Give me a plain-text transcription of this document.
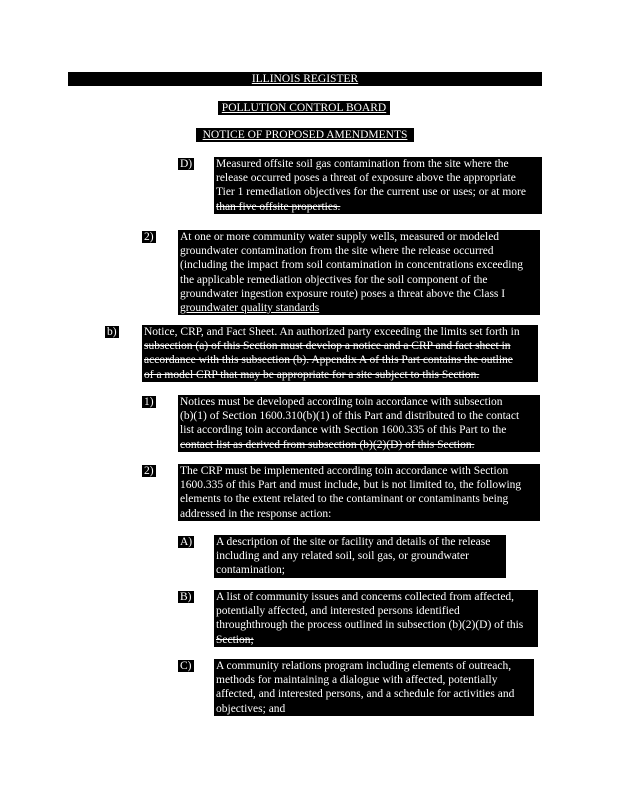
ILLINOIS REGISTER
POLLUTION CONTROL BOARD
NOTICE OF PROPOSED AMENDMENTS
D) Measured offsite soil gas contamination from the site where the
release occurred poses a threat of exposure above the appropriate
Tier 1 remediation objectives for the current use or uses; or at more
than five offsite properties.
2) At one or more community water supply wells, measured or modeled
groundwater contamination from the site where the release occurred
(including the impact from soil contamination in concentrations exceeding
the applicable remediation objectives for the soil component of the
groundwater ingestion exposure route) poses a threat above the Class I
groundwater quality standards
b) Notice, CRP, and Fact Sheet. An authorized party exceeding the limits set forth in
subsection (a) of this Section must develop a notice and a CRP and fact sheet in
accordance with this subsection (b). Appendix A of this Part contains the outline
of a model CRP that may be appropriate for a site subject to this Section.
1) Notices must be developed according toin accordance with subsection
(b)(1) of Section 1600.310(b)(1) of this Part and distributed to the contact
list according toin accordance with Section 1600.335 of this Part to the
contact list as derived from subsection (b)(2)(D) of this Section.
2) The CRP must be implemented according toin accordance with Section
1600.335 of this Part and must include, but is not limited to, the following
elements to the extent related to the contaminant or contaminants being
addressed in the response action:
A) A description of the site or facility and details of the release
including and any related soil, soil gas, or groundwater
contamination;
B) A list of community issues and concerns collected from affected,
potentially affected, and interested persons identified
throughthrough the process outlined in subsection (b)(2)(D) of this
Section;
C) A community relations program including elements of outreach,
methods for maintaining a dialogue with affected, potentially
affected, and interested persons, and a schedule for activities and
objectives; and
